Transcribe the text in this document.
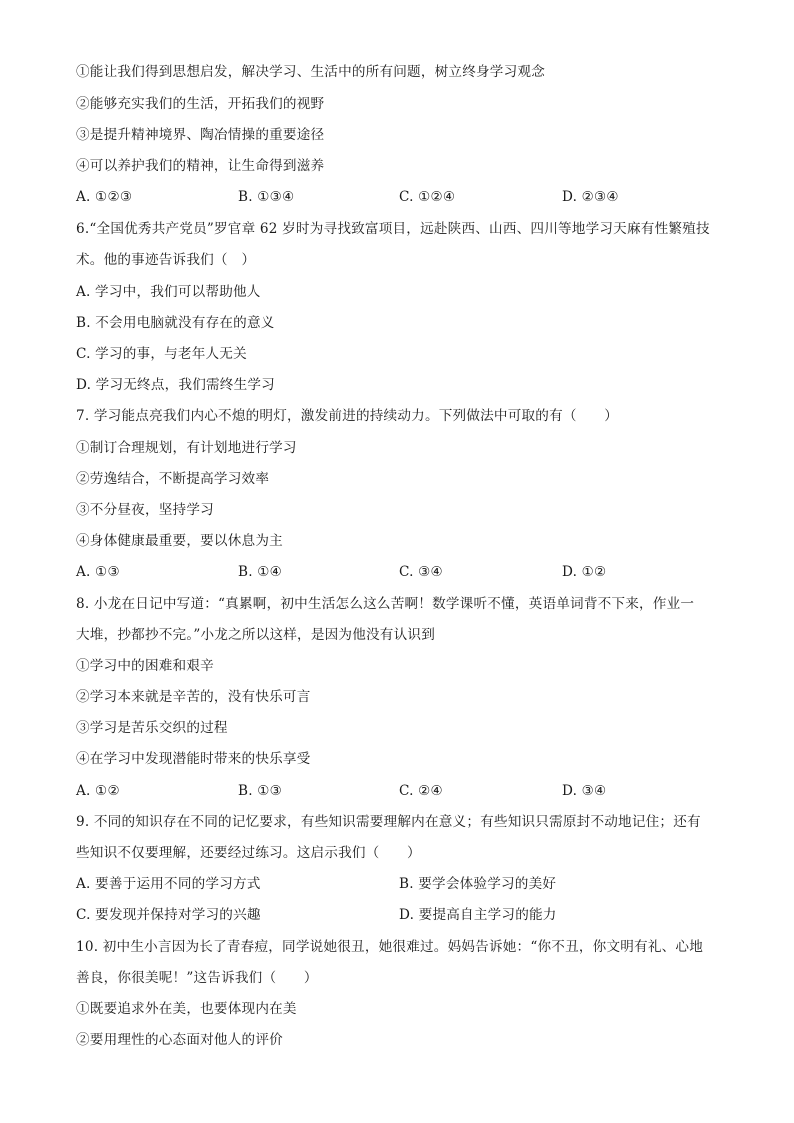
①能让我们得到思想启发，解决学习、生活中的所有问题，树立终身学习观念
②能够充实我们的生活，开拓我们的视野
③是提升精神境界、陶冶情操的重要途径
④可以养护我们的精神，让生命得到滋养
A. ①②③	B. ①③④	C. ①②④	D. ②③④
6.“全国优秀共产党员”罗官章 62 岁时为寻找致富项目，远赴陕西、山西、四川等地学习天麻有性繁殖技
术。他的事迹告诉我们（　）
A. 学习中，我们可以帮助他人
B. 不会用电脑就没有存在的意义
C. 学习的事，与老年人无关
D. 学习无终点，我们需终生学习
7. 学习能点亮我们内心不熄的明灯，激发前进的持续动力。下列做法中可取的有（　　）
①制订合理规划，有计划地进行学习
②劳逸结合，不断提高学习效率
③不分昼夜，坚持学习
④身体健康最重要，要以休息为主
A. ①③	B. ①④	C. ③④	D. ①②
8. 小龙在日记中写道：“真累啊，初中生活怎么这么苦啊！数学课听不懂，英语单词背不下来，作业一
大堆，抄都抄不完。”小龙之所以这样，是因为他没有认识到
①学习中的困难和艰辛
②学习本来就是辛苦的，没有快乐可言
③学习是苦乐交织的过程
④在学习中发现潜能时带来的快乐享受
A. ①②	B. ①③	C. ②④	D. ③④
9. 不同的知识存在不同的记忆要求，有些知识需要理解内在意义；有些知识只需原封不动地记住；还有
些知识不仅要理解，还要经过练习。这启示我们（　　）
A. 要善于运用不同的学习方式	B. 要学会体验学习的美好
C. 要发现并保持对学习的兴趣	D. 要提高自主学习的能力
10. 初中生小言因为长了青春痘，同学说她很丑，她很难过。妈妈告诉她：“你不丑，你文明有礼、心地
善良，你很美呢！”这告诉我们（　　）
①既要追求外在美，也要体现内在美
②要用理性的心态面对他人的评价
